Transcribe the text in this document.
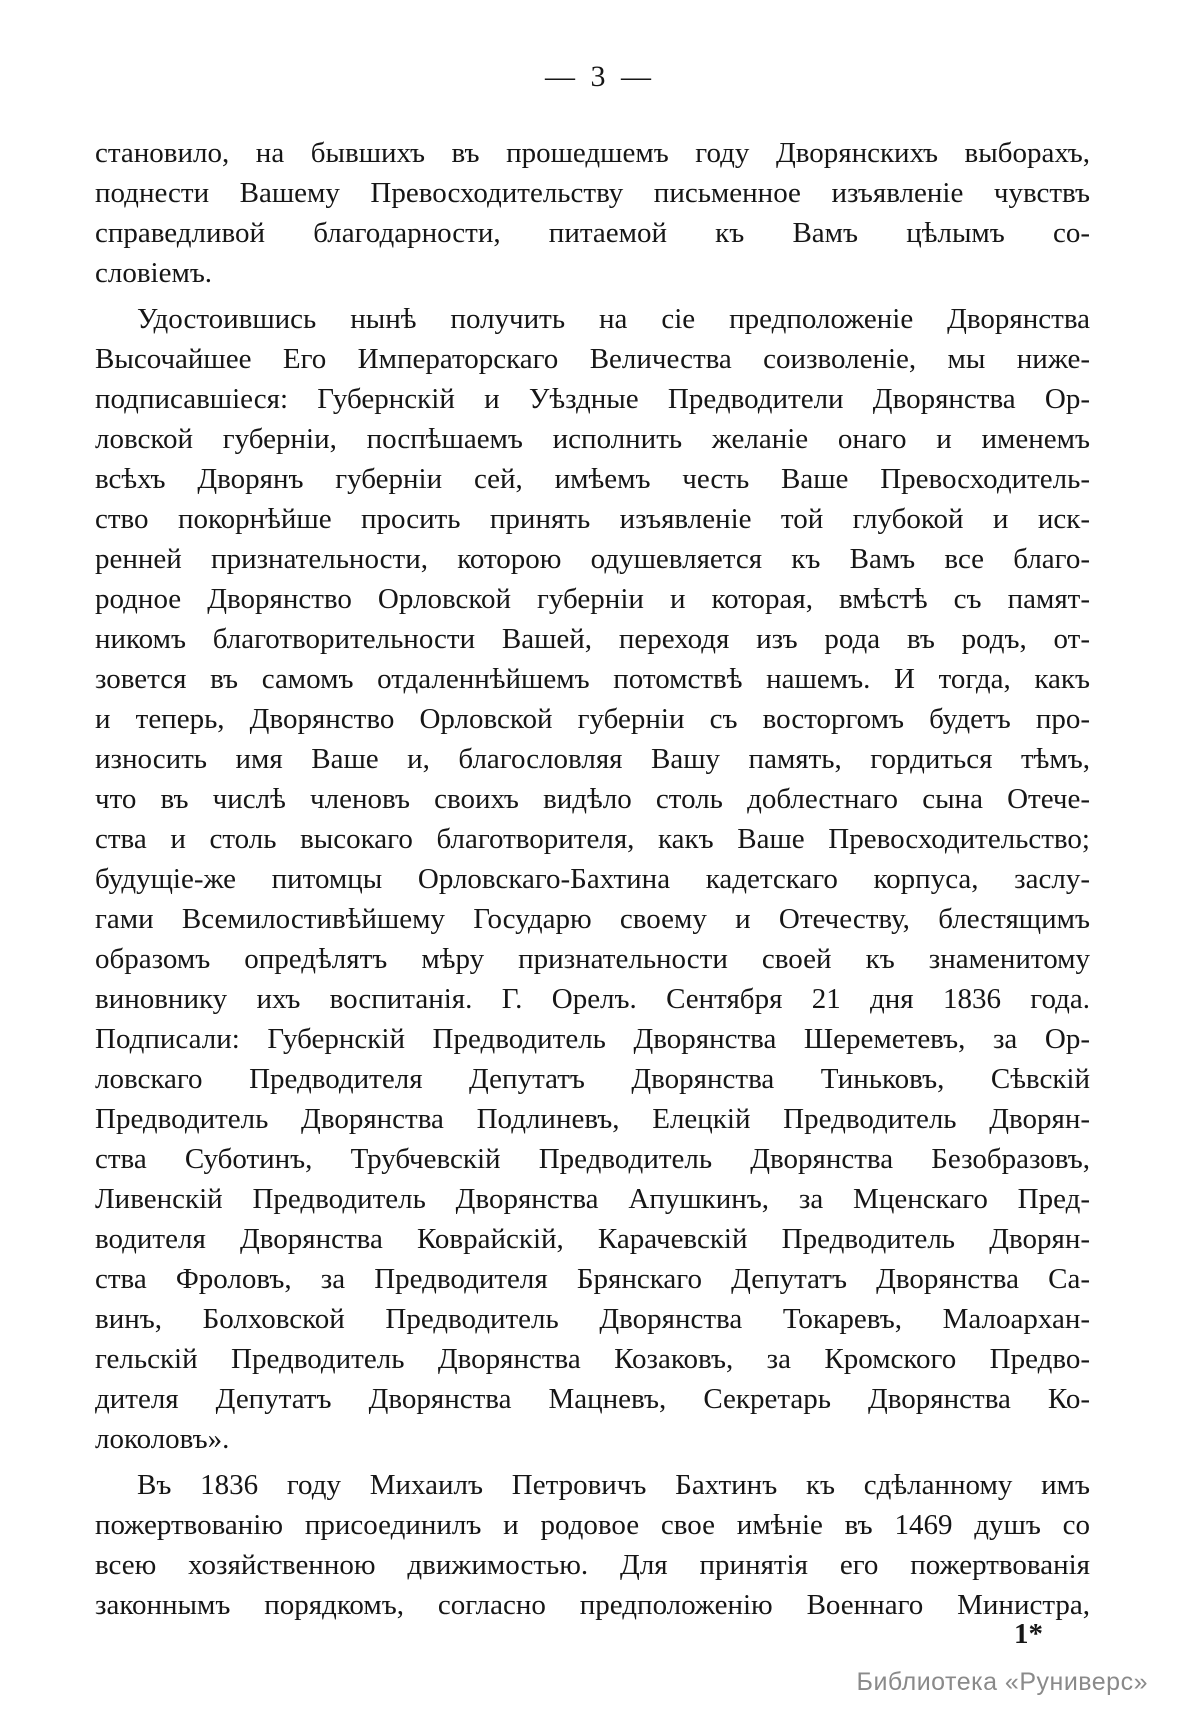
— 3 —
становило, на бывшихъ въ прошедшемъ году Дворянскихъ выборахъ,
поднести Вашему Превосходительству письменное изъявленіе чувствъ
справедливой благодарности, питаемой къ Вамъ цѣлымъ со-
словіемъ.
Удостоившись нынѣ получить на сіе предположеніе Дворянства
Высочайшее Его Императорскаго Величества соизволеніе, мы ниже-
подписавшіеся: Губернскій и Уѣздные Предводители Дворянства Ор-
ловской губерніи, поспѣшаемъ исполнить желаніе онаго и именемъ
всѣхъ Дворянъ губерніи сей, имѣемъ честь Ваше Превосходитель-
ство покорнѣйше просить принять изъявленіе той глубокой и иск-
ренней признательности, которою одушевляется къ Вамъ все благо-
родное Дворянство Орловской губерніи и которая, вмѣстѣ съ памят-
никомъ благотворительности Вашей, переходя изъ рода въ родъ, от-
зовется въ самомъ отдаленнѣйшемъ потомствѣ нашемъ. И тогда, какъ
и теперь, Дворянство Орловской губерніи съ восторгомъ будетъ про-
износить имя Ваше и, благословляя Вашу память, гордиться тѣмъ,
что въ числѣ членовъ своихъ видѣло столь доблестнаго сына Отече-
ства и столь высокаго благотворителя, какъ Ваше Превосходительство;
будущіе-же питомцы Орловскаго-Бахтина кадетскаго корпуса, заслу-
гами Всемилостивѣйшему Государю своему и Отечеству, блестящимъ
образомъ опредѣлятъ мѣру признательности своей къ знаменитому
виновнику ихъ воспитанія. Г. Орелъ. Сентября 21 дня 1836 года.
Подписали: Губернскій Предводитель Дворянства Шереметевъ, за Ор-
ловскаго Предводителя Депутатъ Дворянства Тиньковъ, Сѣвскій
Предводитель Дворянства Подлиневъ, Елецкій Предводитель Дворян-
ства Суботинъ, Трубчевскій Предводитель Дворянства Безобразовъ,
Ливенскій Предводитель Дворянства Апушкинъ, за Мценскаго Пред-
водителя Дворянства Коврайскій, Карачевскій Предводитель Дворян-
ства Фроловъ, за Предводителя Брянскаго Депутатъ Дворянства Са-
винъ, Болховской Предводитель Дворянства Токаревъ, Малоархан-
гельскій Предводитель Дворянства Козаковъ, за Кромского Предво-
дителя Депутатъ Дворянства Мацневъ, Секретарь Дворянства Ко-
локоловъ».
Въ 1836 году Михаилъ Петровичъ Бахтинъ къ сдѣланному имъ
пожертвованію присоединилъ и родовое свое имѣніе въ 1469 душъ со
всею хозяйственною движимостью. Для принятія его пожертвованія
законнымъ порядкомъ, согласно предположенію Военнаго Министра,
1*
Библиотека «Руниверс»
